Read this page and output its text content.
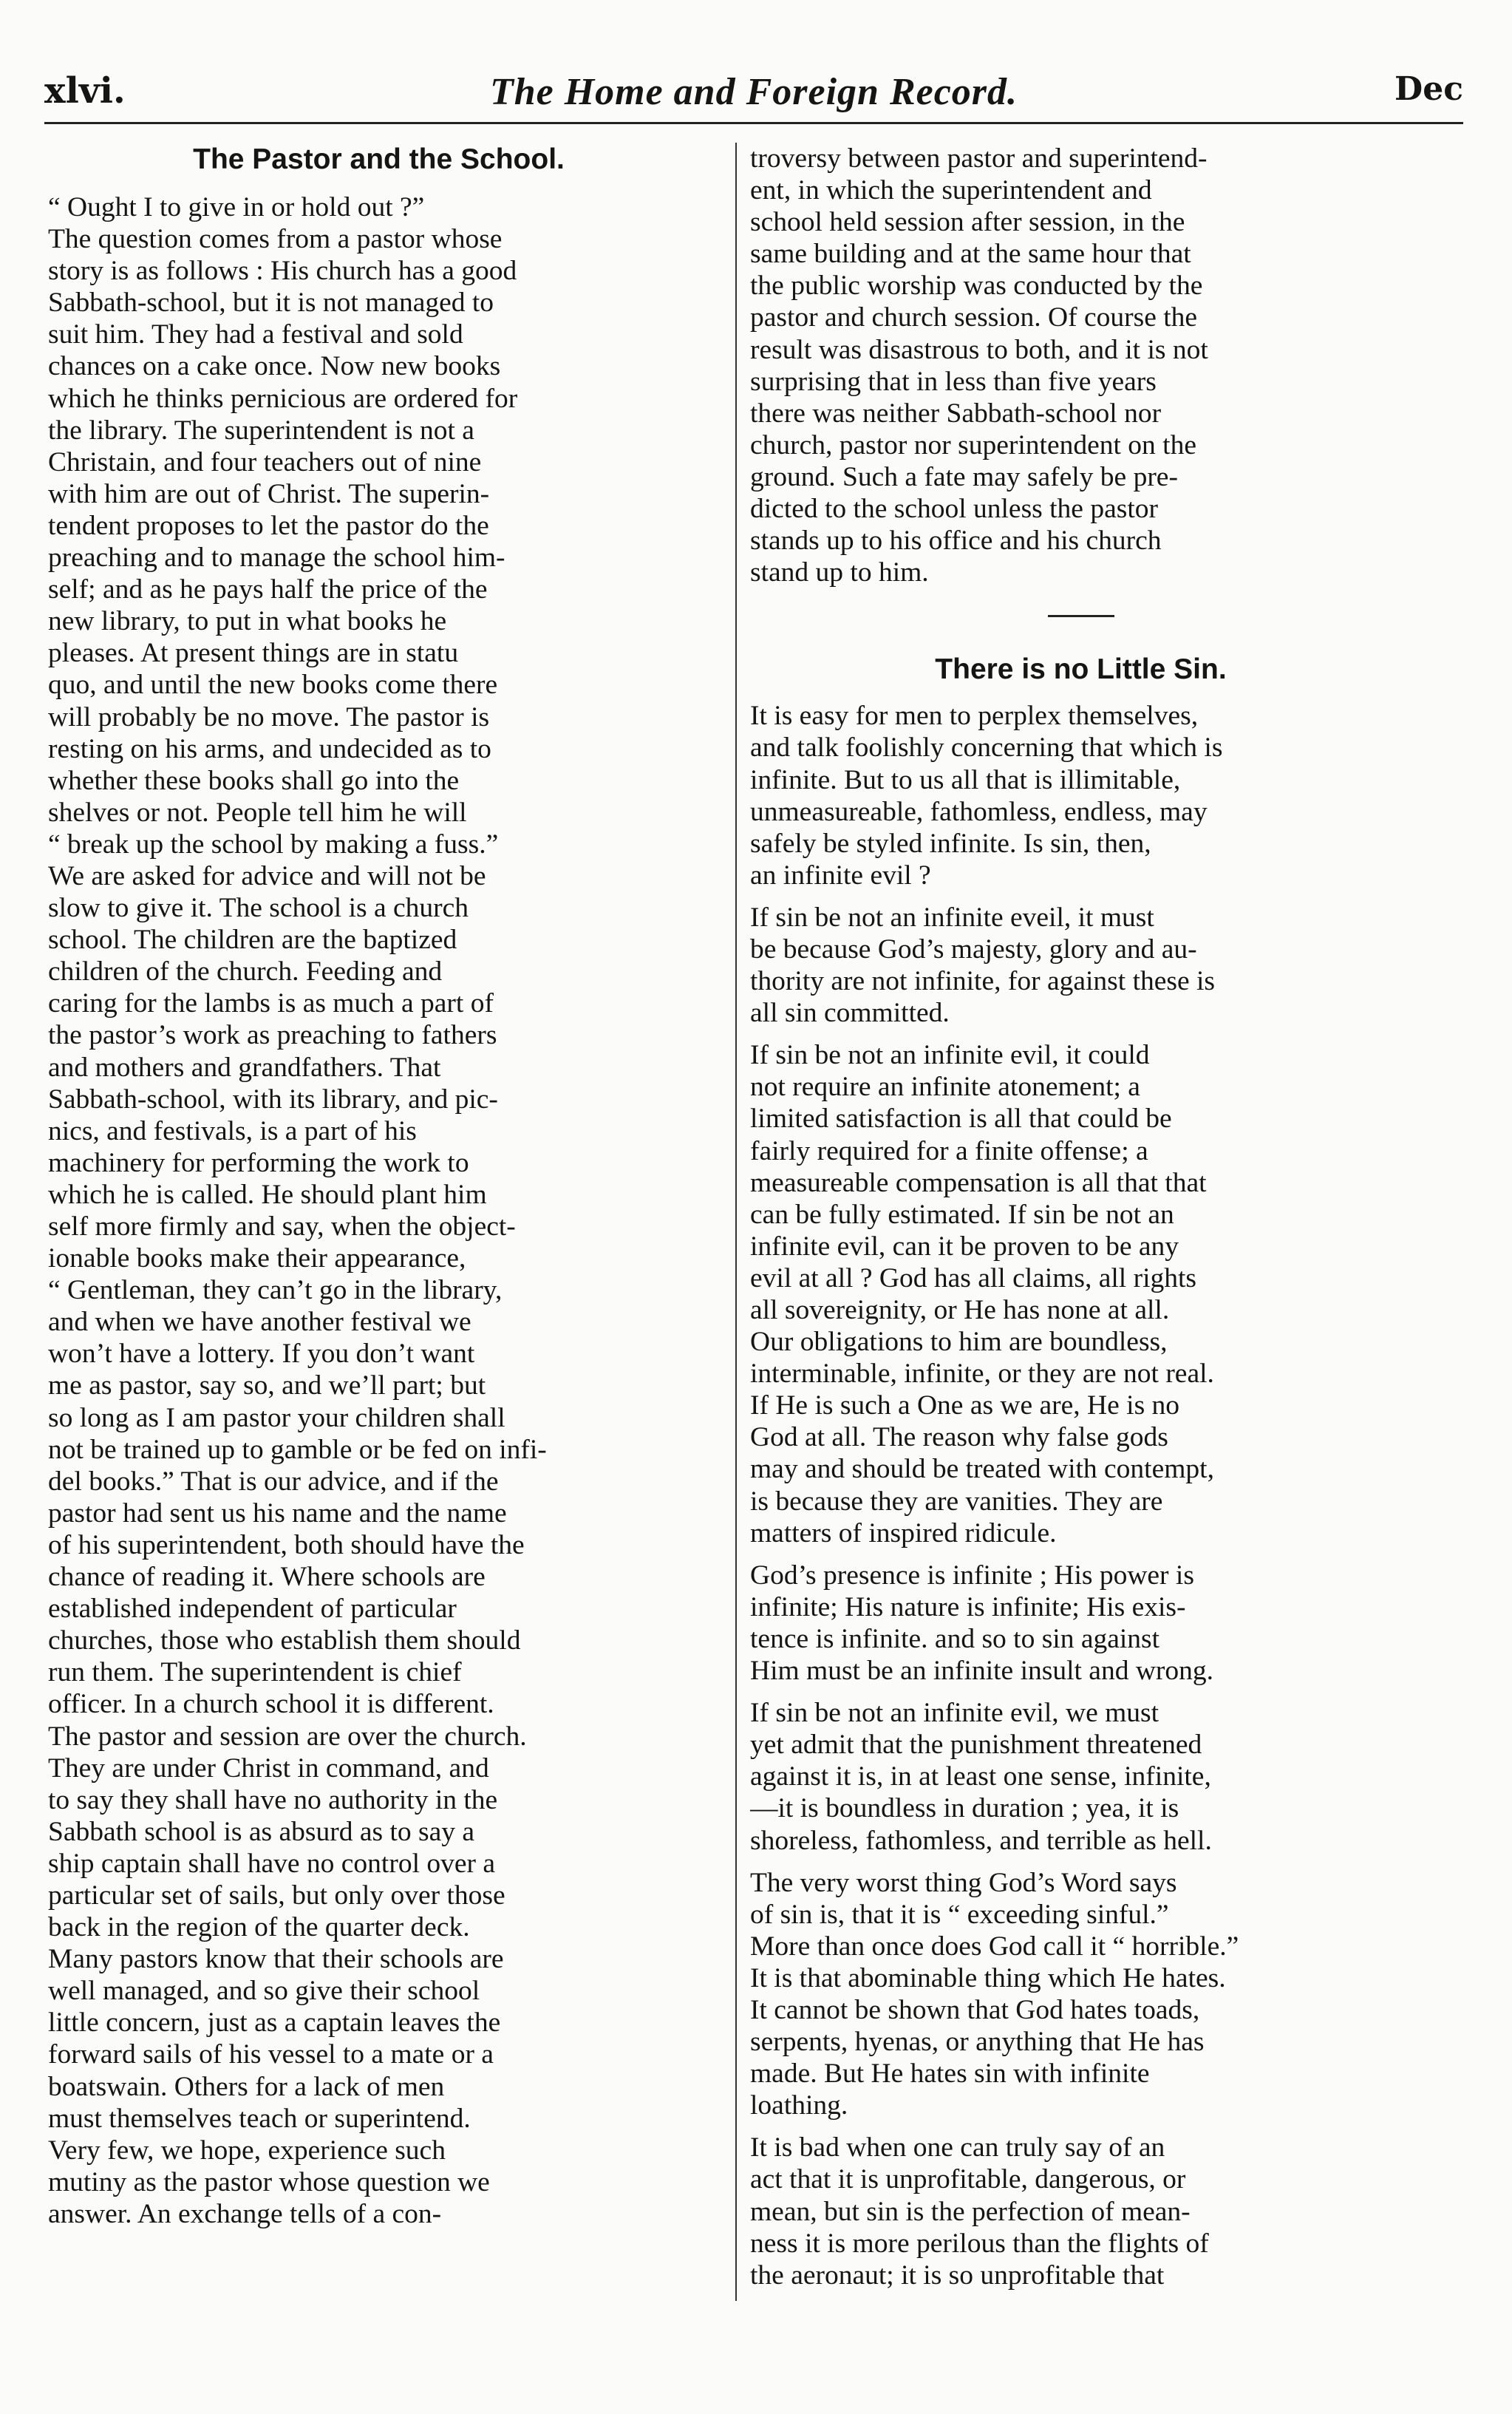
xlvi.	The Home and Foreign Record.	Dec
The Pastor and the School.
“ Ought I to give in or hold out ?”
The question comes from a pastor whose
story is as follows : His church has a good
Sabbath-school, but it is not managed to
suit him. They had a festival and sold
chances on a cake once. Now new books
which he thinks pernicious are ordered for
the library. The superintendent is not a
Christain, and four teachers out of nine
with him are out of Christ. The superin-
tendent proposes to let the pastor do the
preaching and to manage the school him-
self; and as he pays half the price of the
new library, to put in what books he
pleases. At present things are in statu
quo, and until the new books come there
will probably be no move. The pastor is
resting on his arms, and undecided as to
whether these books shall go into the
shelves or not. People tell him he will
“ break up the school by making a fuss.”
We are asked for advice and will not be
slow to give it. The school is a church
school. The children are the baptized
children of the church. Feeding and
caring for the lambs is as much a part of
the pastor’s work as preaching to fathers
and mothers and grandfathers. That
Sabbath-school, with its library, and pic-
nics, and festivals, is a part of his
machinery for performing the work to
which he is called. He should plant him
self more firmly and say, when the object-
ionable books make their appearance,
“ Gentleman, they can’t go in the library,
and when we have another festival we
won’t have a lottery. If you don’t want
me as pastor, say so, and we’ll part; but
so long as I am pastor your children shall
not be trained up to gamble or be fed on infi-
del books.” That is our advice, and if the
pastor had sent us his name and the name
of his superintendent, both should have the
chance of reading it. Where schools are
established independent of particular
churches, those who establish them should
run them. The superintendent is chief
officer. In a church school it is different.
The pastor and session are over the church.
They are under Christ in command, and
to say they shall have no authority in the
Sabbath school is as absurd as to say a
ship captain shall have no control over a
particular set of sails, but only over those
back in the region of the quarter deck.
Many pastors know that their schools are
well managed, and so give their school
little concern, just as a captain leaves the
forward sails of his vessel to a mate or a
boatswain. Others for a lack of men
must themselves teach or superintend.
Very few, we hope, experience such
mutiny as the pastor whose question we
answer. An exchange tells of a con-
troversy between pastor and superintend-
ent, in which the superintendent and
school held session after session, in the
same building and at the same hour that
the public worship was conducted by the
pastor and church session. Of course the
result was disastrous to both, and it is not
surprising that in less than five years
there was neither Sabbath-school nor
church, pastor nor superintendent on the
ground. Such a fate may safely be pre-
dicted to the school unless the pastor
stands up to his office and his church
stand up to him.
There is no Little Sin.
It is easy for men to perplex themselves,
and talk foolishly concerning that which is
infinite. But to us all that is illimitable,
unmeasureable, fathomless, endless, may
safely be styled infinite. Is sin, then,
an infinite evil ?
If sin be not an infinite eveil, it must
be because God’s majesty, glory and au-
thority are not infinite, for against these is
all sin committed.
If sin be not an infinite evil, it could
not require an infinite atonement; a
limited satisfaction is all that could be
fairly required for a finite offense; a
measureable compensation is all that that
can be fully estimated. If sin be not an
infinite evil, can it be proven to be any
evil at all ? God has all claims, all rights
all sovereignity, or He has none at all.
Our obligations to him are boundless,
interminable, infinite, or they are not real.
If He is such a One as we are, He is no
God at all. The reason why false gods
may and should be treated with contempt,
is because they are vanities. They are
matters of inspired ridicule.
God’s presence is infinite ; His power is
infinite; His nature is infinite; His exis-
tence is infinite. and so to sin against
Him must be an infinite insult and wrong.
If sin be not an infinite evil, we must
yet admit that the punishment threatened
against it is, in at least one sense, infinite,
—it is boundless in duration ; yea, it is
shoreless, fathomless, and terrible as hell.
The very worst thing God’s Word says
of sin is, that it is “ exceeding sinful.”
More than once does God call it “ horrible.”
It is that abominable thing which He hates.
It cannot be shown that God hates toads,
serpents, hyenas, or anything that He has
made. But He hates sin with infinite
loathing.
It is bad when one can truly say of an
act that it is unprofitable, dangerous, or
mean, but sin is the perfection of mean-
ness it is more perilous than the flights of
the aeronaut; it is so unprofitable that
